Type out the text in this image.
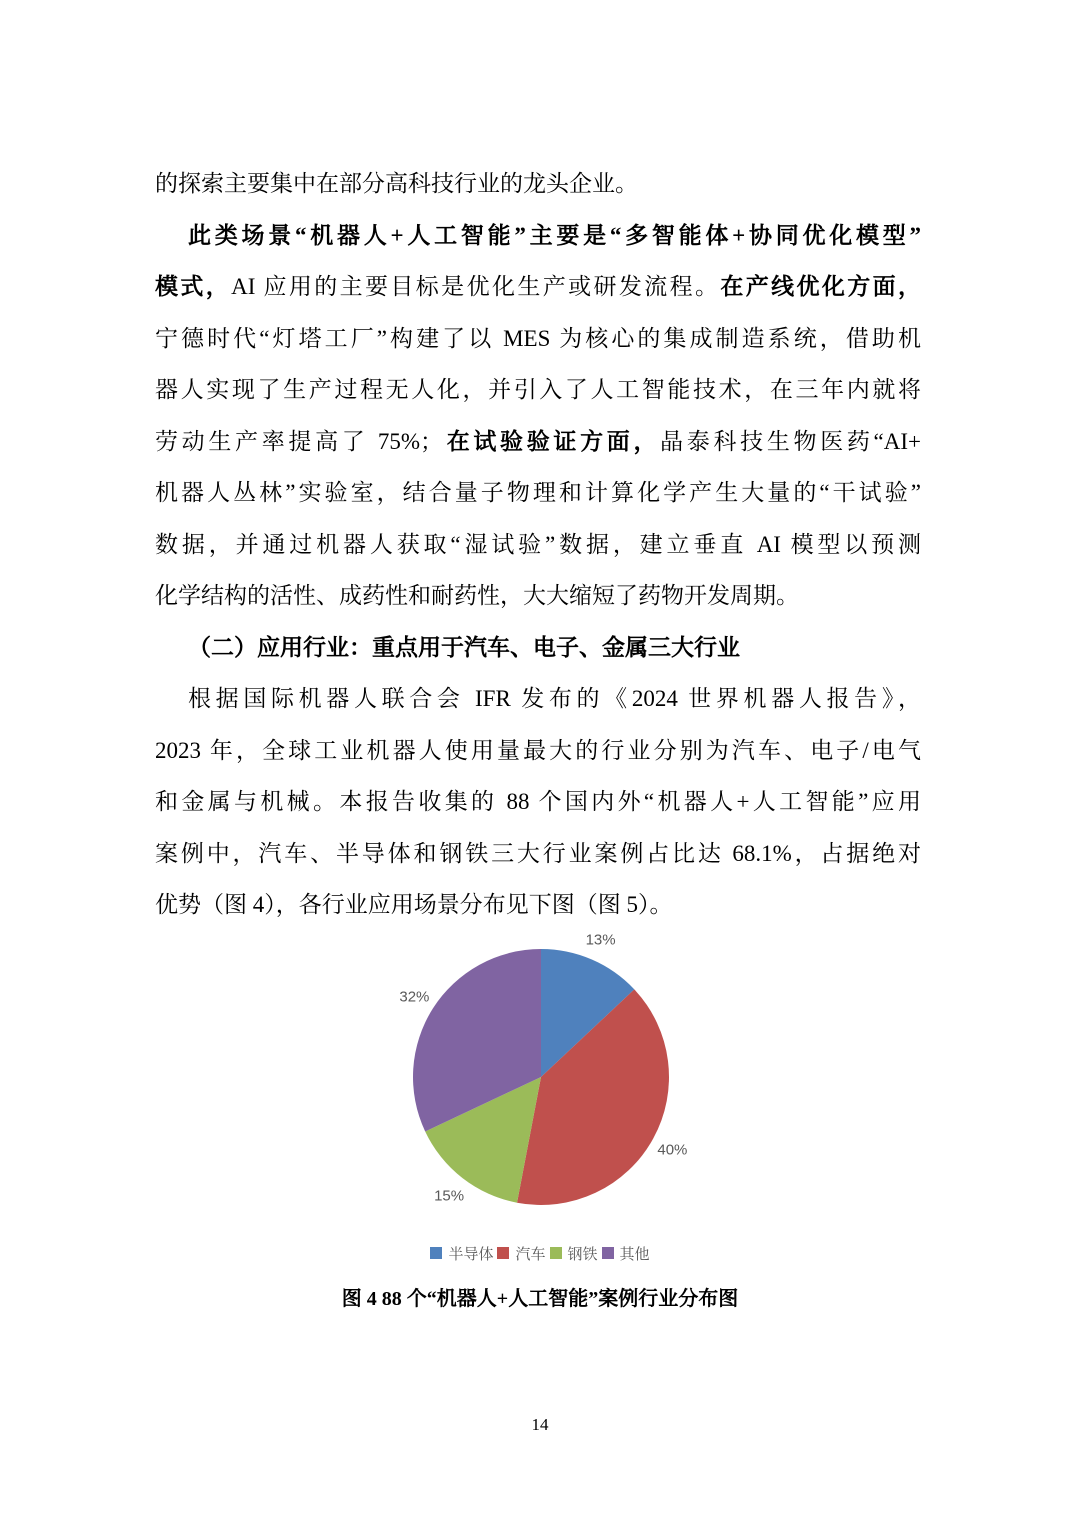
的探索主要集中在部分高科技行业的龙头企业。
此类场景“机器人+人工智能”主要是“多智能体+协同优化模型”
模式，AI 应用的主要目标是优化生产或研发流程。在产线优化方面，
宁德时代“灯塔工厂”构建了以 MES 为核心的集成制造系统，借助机
器人实现了生产过程无人化，并引入了人工智能技术，在三年内就将
劳动生产率提高了 75%；在试验验证方面，晶泰科技生物医药“AI+
机器人丛林”实验室，结合量子物理和计算化学产生大量的“干试验”
数据，并通过机器人获取“湿试验”数据，建立垂直 AI 模型以预测
化学结构的活性、成药性和耐药性，大大缩短了药物开发周期。
（二）应用行业：重点用于汽车、电子、金属三大行业
根据国际机器人联合会 IFR 发布的《2024 世界机器人报告》，
2023 年，全球工业机器人使用量最大的行业分别为汽车、电子/电气
和金属与机械。本报告收集的 88 个国内外“机器人+人工智能”应用
案例中，汽车、半导体和钢铁三大行业案例占比达 68.1%，占据绝对
优势（图 4），各行业应用场景分布见下图（图 5）。
13%
40%
15%
32%
半导体 汽车 钢铁 其他
图 4 88 个“机器人+人工智能”案例行业分布图
14
